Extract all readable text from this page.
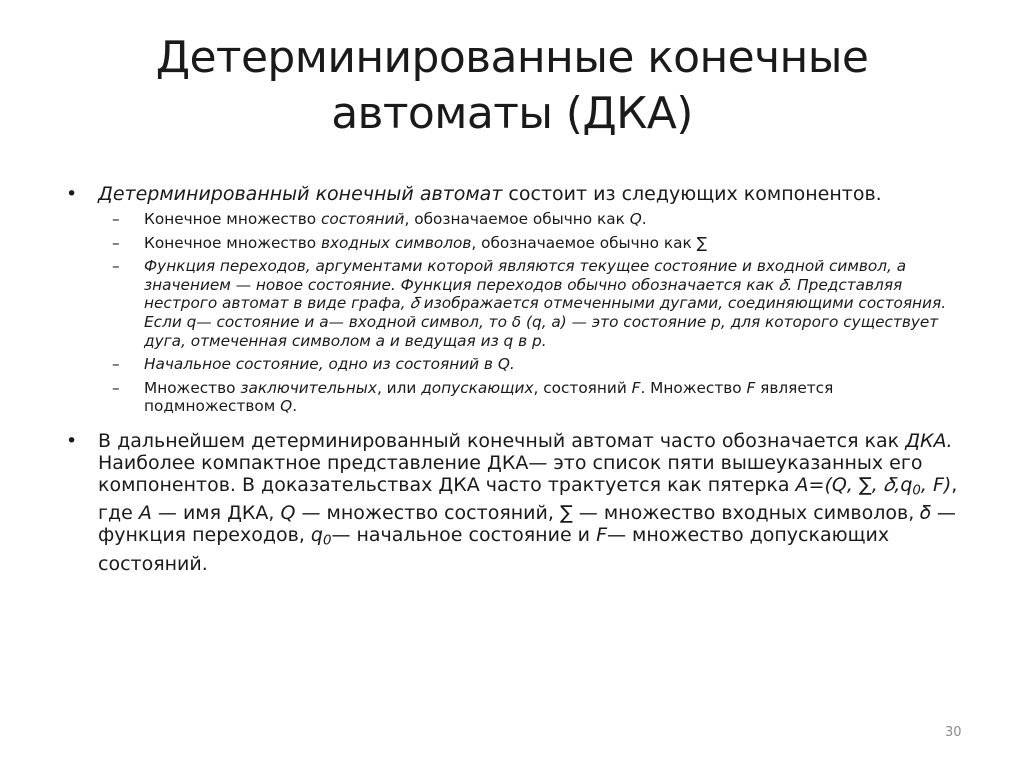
Детерминированные конечные
автоматы (ДКА)
• Детерминированный конечный автомат состоит из следующих компонентов.
– Конечное множество состояний, обозначаемое обычно как Q.
– Конечное множество входных символов, обозначаемое обычно как ∑
– Функция переходов, аргументами которой являются текущее состояние и входной символ, а значением — новое состояние. Функция переходов обычно обозначается как 𝛿. Представляя нестрого автомат в виде графа, 𝛿 изображается отмеченными дугами, соединяющими состояния. Если q— состояние и а— входной символ, то δ (q, а) — это состояние р, для которого существует дуга, отмеченная символом а и ведущая из q в р.
– Начальное состояние, одно из состояний в Q.
– Множество заключительных, или допускающих, состояний F. Множество F является подмножеством Q.
• В дальнейшем детерминированный конечный автомат часто обозначается как ДКА. Наиболее компактное представление ДКА— это список пяти вышеуказанных его компонентов. В доказательствах ДКА часто трактуется как пятерка A=(Q, ∑, $𝛿,q_0$, F), где А — имя ДКА, Q — множество состояний, ∑ — множество входных символов, 𝛿 — функция переходов, $q_0—$ начальное состояние и F— множество допускающих состояний.
30
